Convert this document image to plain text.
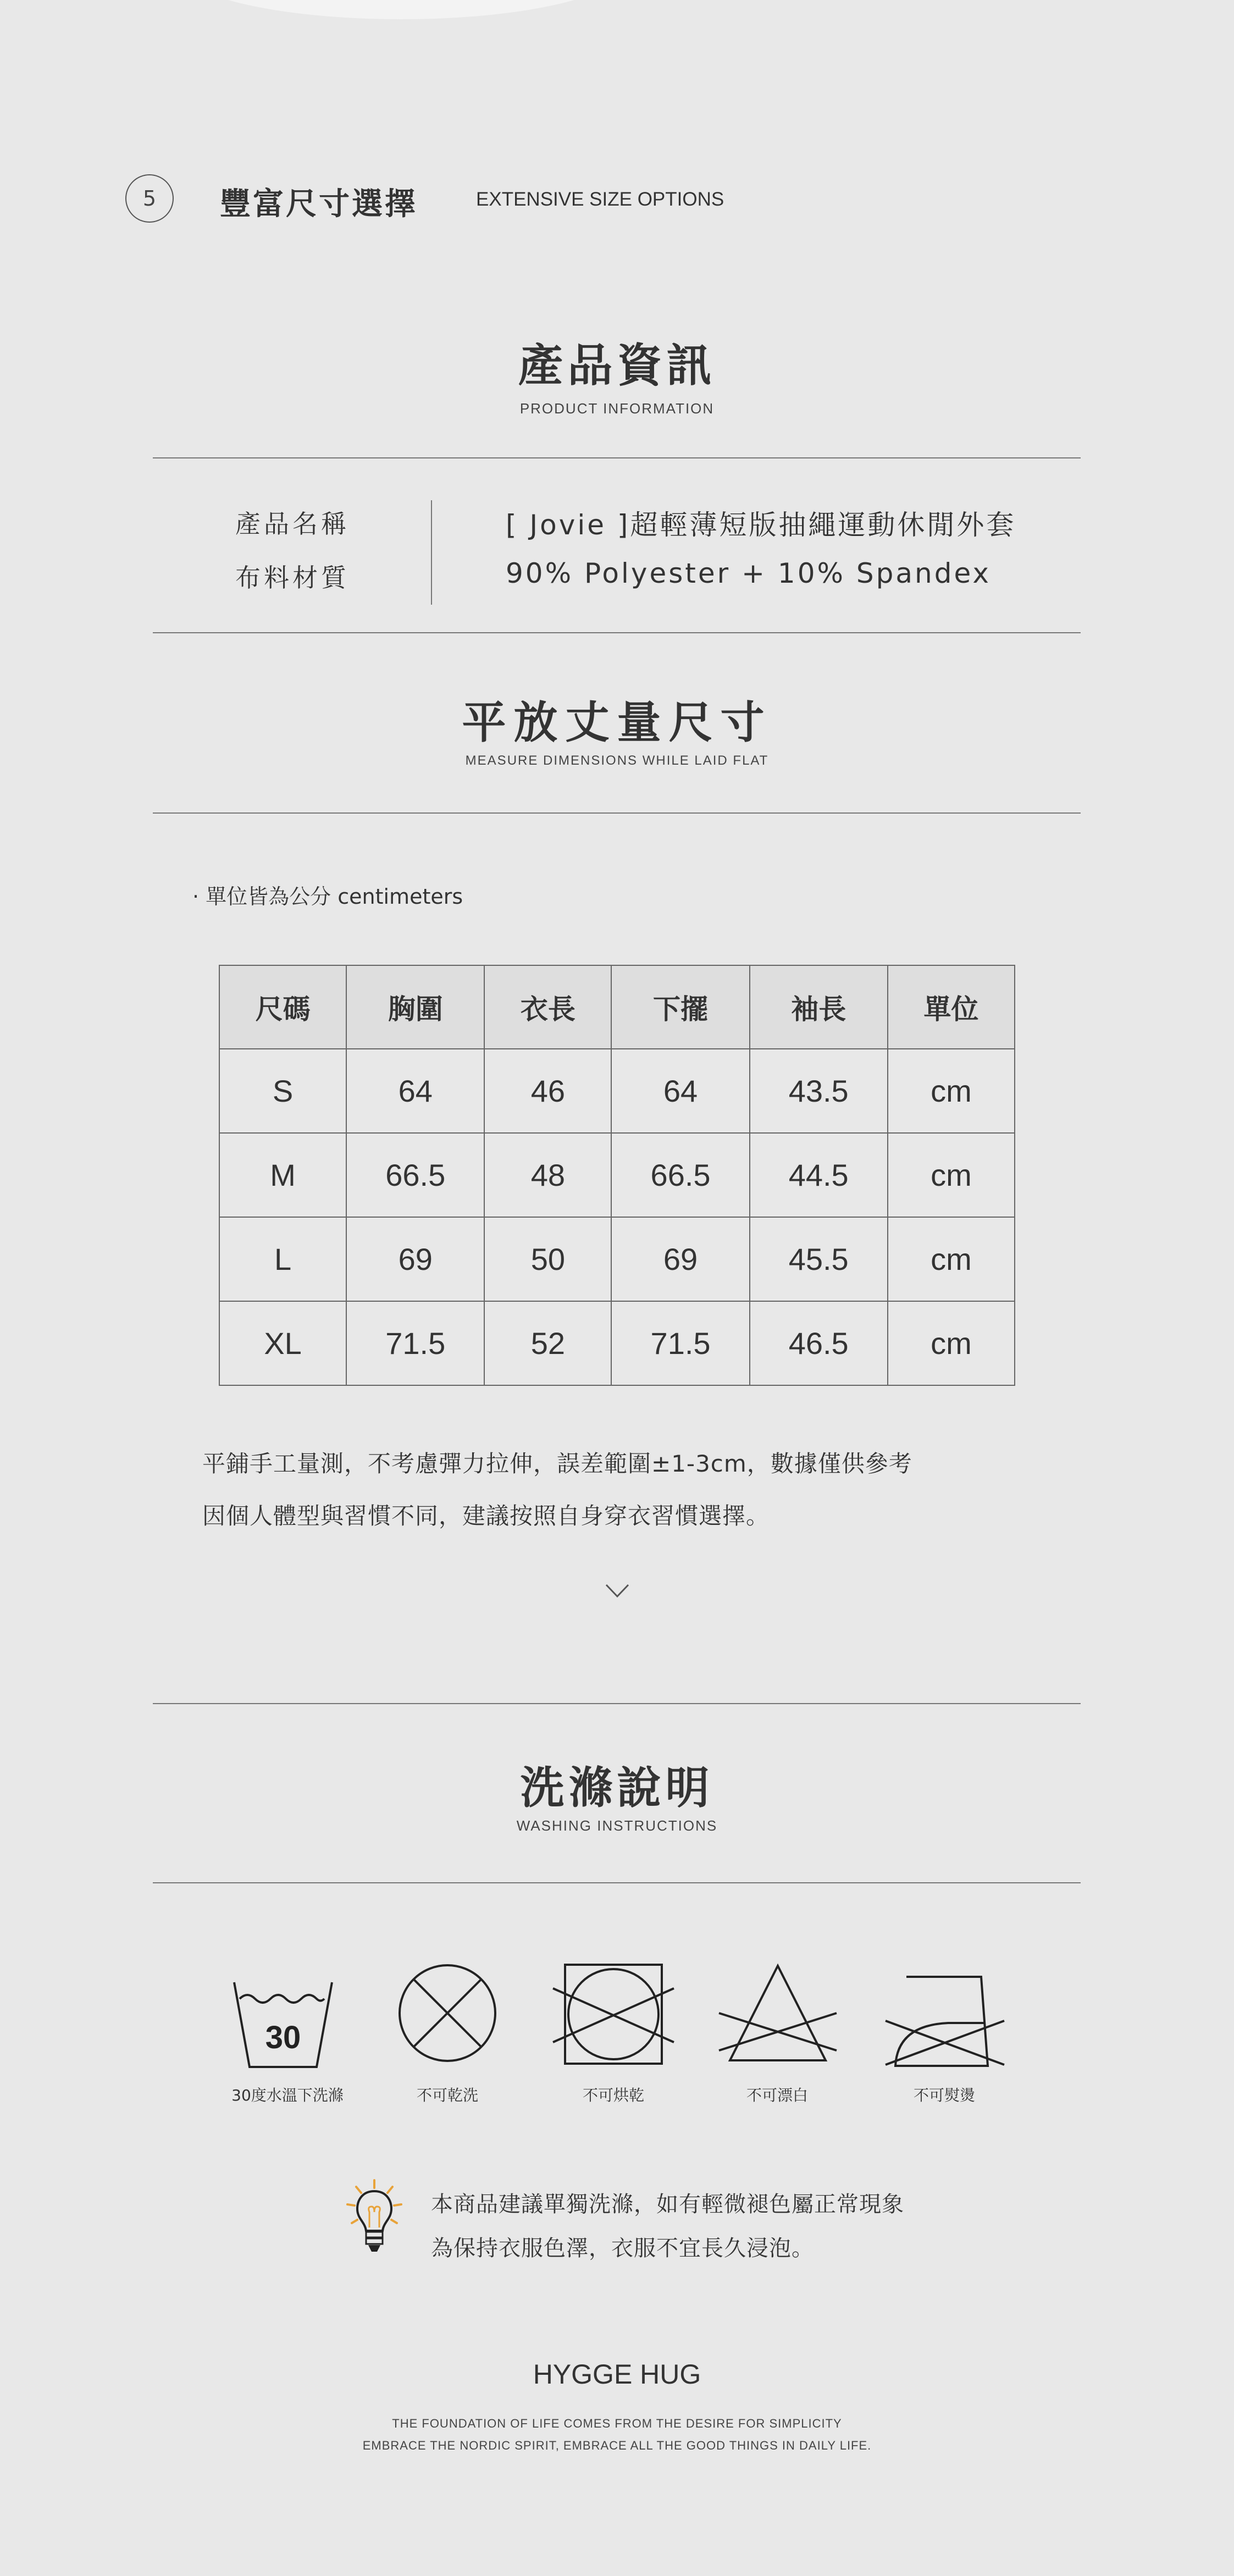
5	豐富尺寸選擇	EXTENSIVE SIZE OPTIONS
產品資訊
PRODUCT INFORMATION
產品名稱	[ Jovie ]超輕薄短版抽繩運動休閒外套
布料材質	90% Polyester + 10% Spandex
平放丈量尺寸
MEASURE DIMENSIONS WHILE LAID FLAT
· 單位皆為公分 centimeters
尺碼	胸圍	衣長	下擺	袖長	單位
S	64	46	64	43.5	cm
M	66.5	48	66.5	44.5	cm
L	69	50	69	45.5	cm
XL	71.5	52	71.5	46.5	cm
平鋪手工量測，不考慮彈力拉伸，誤差範圍±1-3cm，數據僅供參考
因個人體型與習慣不同，建議按照自身穿衣習慣選擇。
洗滌說明
WASHING INSTRUCTIONS
30
30度水溫下洗滌	不可乾洗	不可烘乾	不可漂白	不可熨燙
本商品建議單獨洗滌，如有輕微褪色屬正常現象
為保持衣服色澤，衣服不宜長久浸泡。
HYGGE HUG
THE FOUNDATION OF LIFE COMES FROM THE DESIRE FOR SIMPLICITY
EMBRACE THE NORDIC SPIRIT, EMBRACE ALL THE GOOD THINGS IN DAILY LIFE.
